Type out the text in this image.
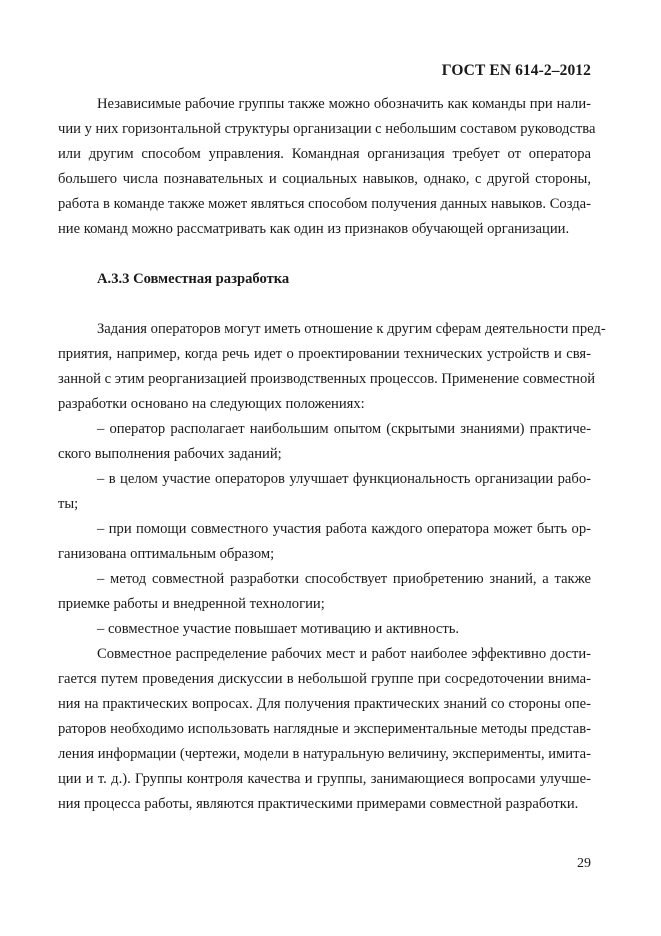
ГОСТ EN 614-2–2012
Независимые рабочие группы также можно обозначить как команды при нали-
чии у них горизонтальной структуры организации с небольшим составом руководства
или другим способом управления. Командная организация требует от оператора
большего числа познавательных и социальных навыков, однако, с другой стороны,
работа в команде также может являться способом получения данных навыков. Созда-
ние команд можно рассматривать как один из признаков обучающей организации.
А.3.3 Совместная разработка
Задания операторов могут иметь отношение к другим сферам деятельности пред-
приятия, например, когда речь идет о проектировании технических устройств и свя-
занной с этим реорганизацией производственных процессов. Применение совместной
разработки основано на следующих положениях:
– оператор располагает наибольшим опытом (скрытыми знаниями) практиче-
ского выполнения рабочих заданий;
– в целом участие операторов улучшает функциональность организации рабо-
ты;
– при помощи совместного участия работа каждого оператора может быть ор-
ганизована оптимальным образом;
– метод совместной разработки способствует приобретению знаний, а также
приемке работы и внедренной технологии;
– совместное участие повышает мотивацию и активность.
Совместное распределение рабочих мест и работ наиболее эффективно дости-
гается путем проведения дискуссии в небольшой группе при сосредоточении внима-
ния на практических вопросах. Для получения практических знаний со стороны опе-
раторов необходимо использовать наглядные и экспериментальные методы представ-
ления информации (чертежи, модели в натуральную величину, эксперименты, имита-
ции и т. д.). Группы контроля качества и группы, занимающиеся вопросами улучше-
ния процесса работы, являются практическими примерами совместной разработки.
29
